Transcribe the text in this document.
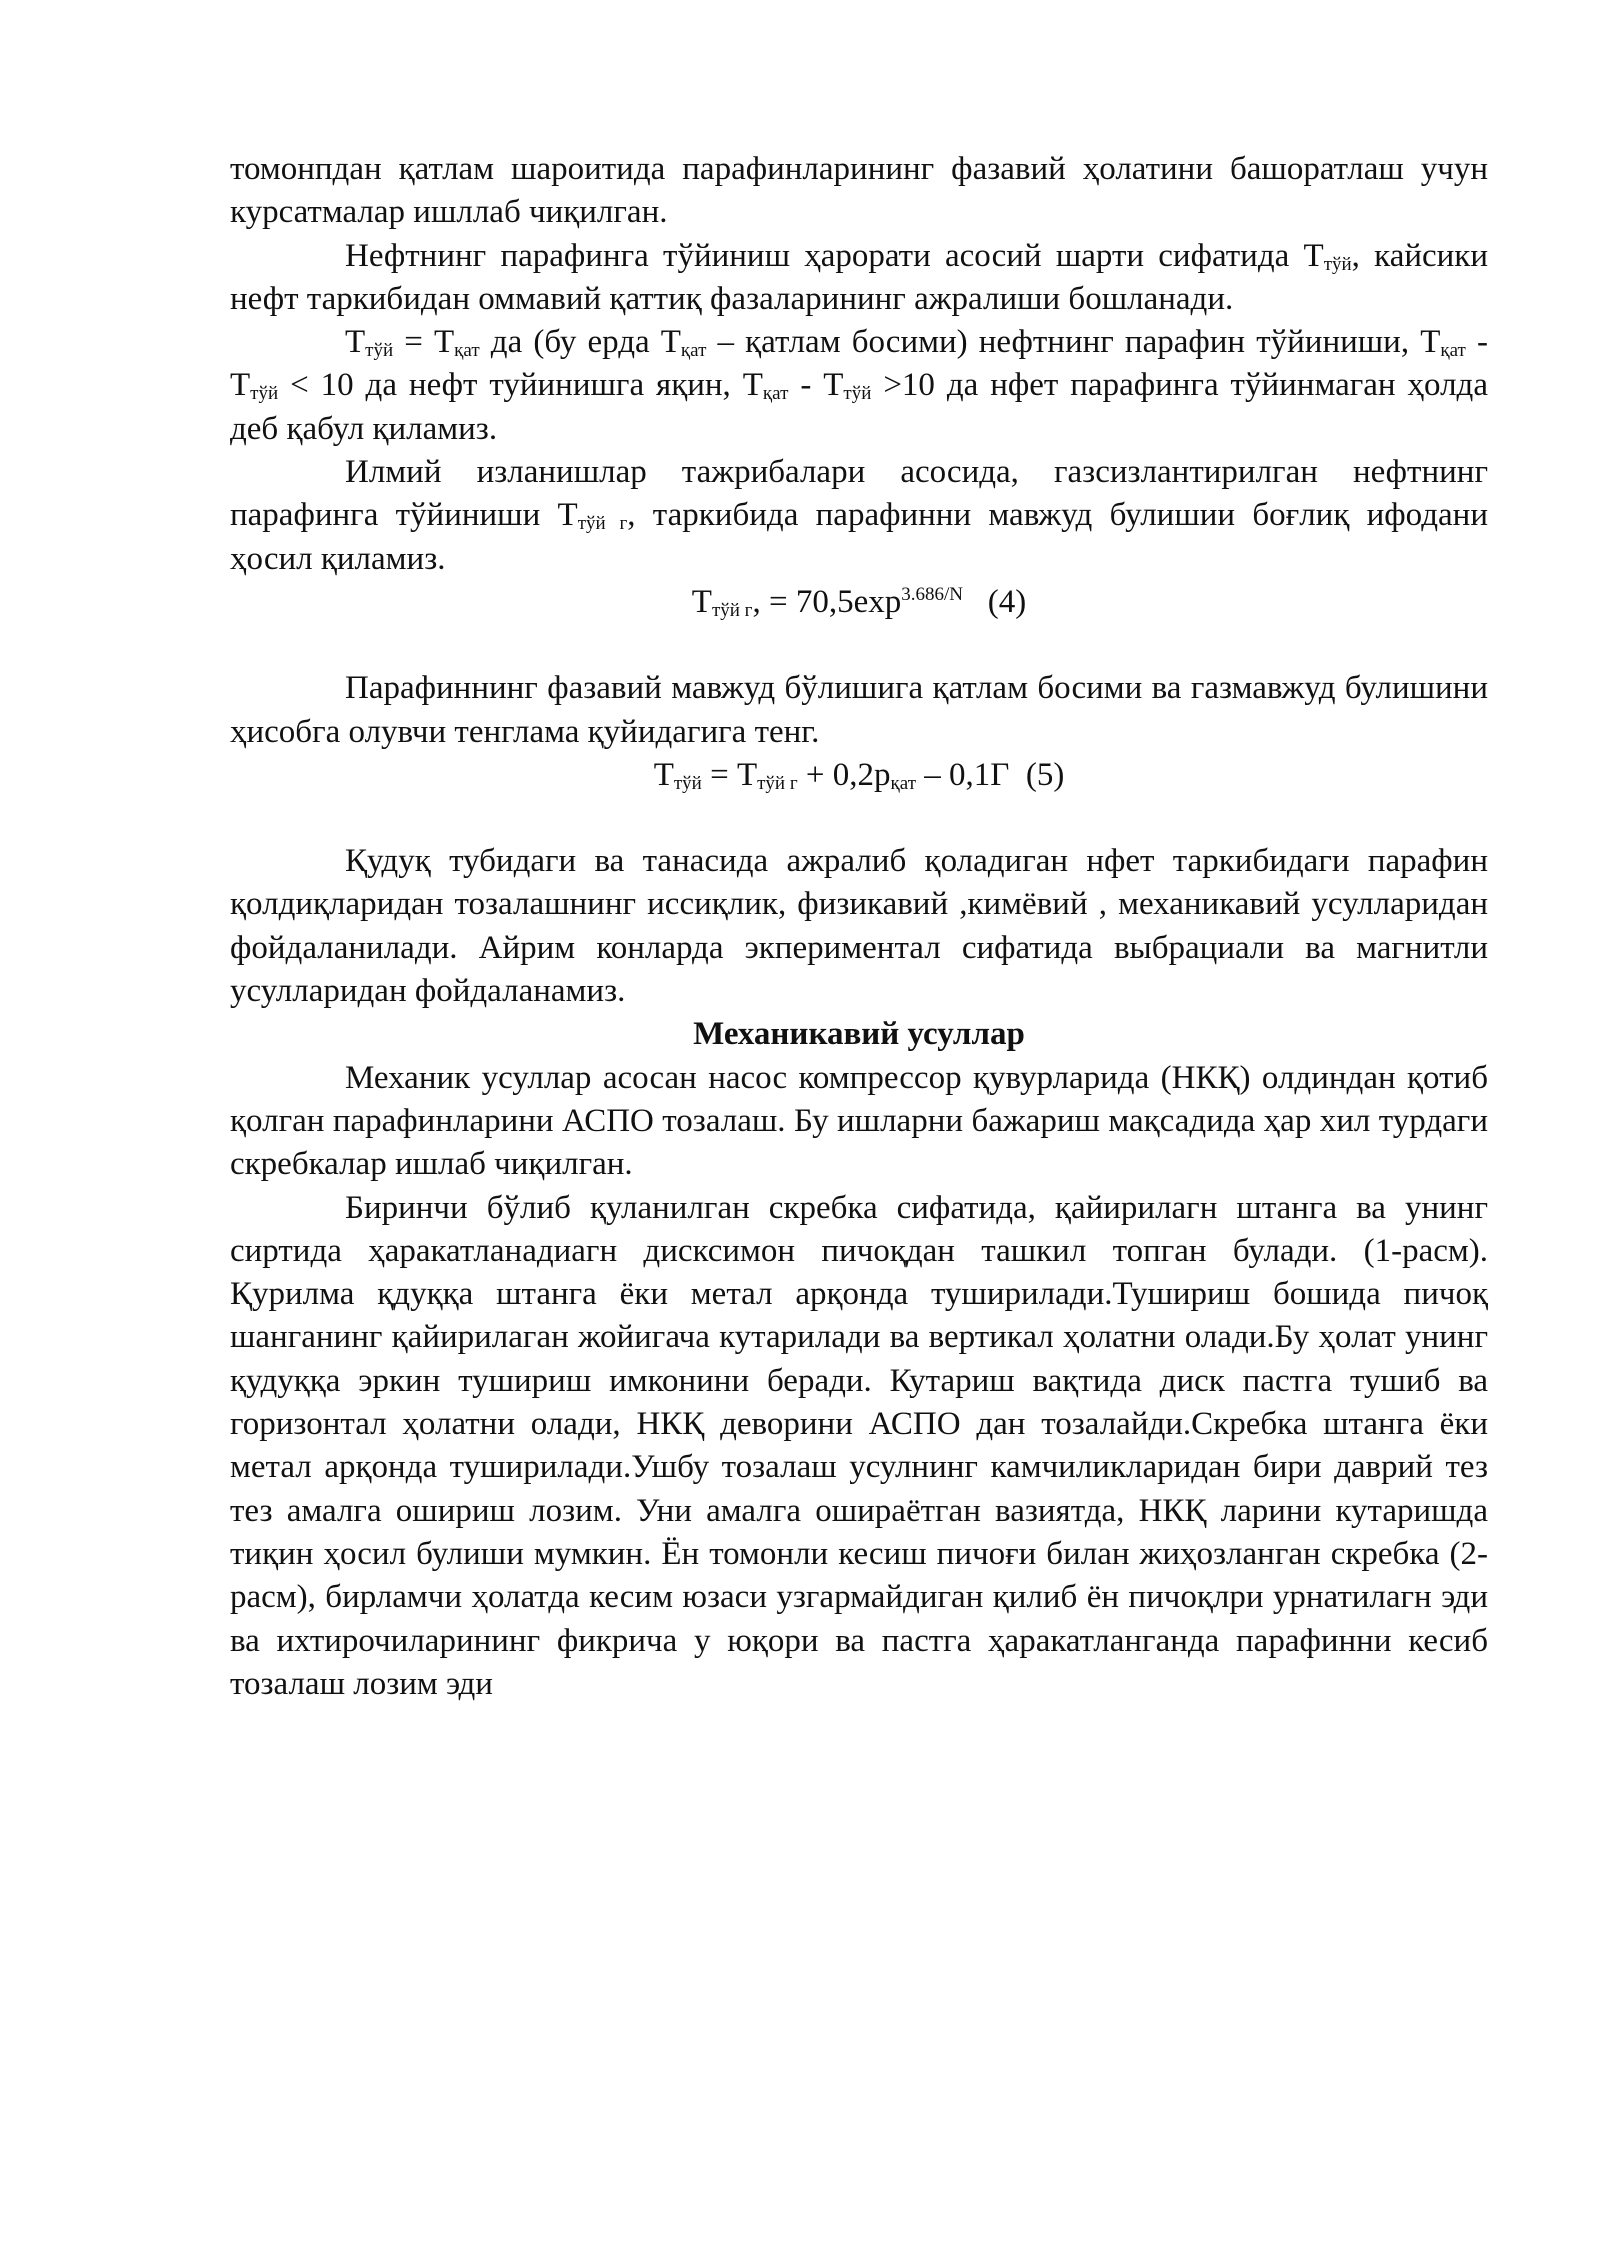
томонпдан қатлам шароитида парафинларининг фазавий ҳолатини башоратлаш учун курсатмалар ишллаб чиқилган.

Нефтнинг парафинга тўйиниш ҳарорати асосий шарти сифатида $T_{тўй}$, кайсики нефт таркибидан оммавий қаттиқ фазаларининг ажралиши бошланади.

$T_{тўй} = T_{қат}$ да (бу ерда $T_{қат}$ – қатлам босими) нефтнинг парафин тўйиниши, $T_{қат} - T_{тўй} < 10$ да нефт туйинишга яқин, $T_{қат} - T_{тўй} >10$ да нфет парафинга тўйинмаган ҳолда деб қабул қиламиз.

Илмий изланишлар тажрибалари асосида, газсизлантирилган нефтнинг парафинга тўйиниши $T_{тўй г}$, таркибида парафинни мавжуд булишии боғлиқ ифодани ҳосил қиламиз.

$T_{тўй г}$, = $70,5\exp^{3.686/N}$   (4)

Парафиннинг фазавий мавжуд бўлишига қатлам босими ва газмавжуд булишини ҳисобга олувчи тенглама қуйидагига тенг.

$T_{тўй} = T_{тўй г} + 0,2p_{қат} - 0,1Г$  (5)

Қудуқ тубидаги ва танасида ажралиб қоладиган нфет таркибидаги парафин қолдиқларидан тозалашнинг иссиқлик, физикавий ,кимёвий , механикавий усулларидан фойдаланилади. Айрим конларда экпериментал сифатида выбрациали ва магнитли усулларидан фойдаланамиз.

Механикавий усуллар

Механик усуллар асосан насос компрессор қувурларида (НКҚ) олдиндан қотиб қолган парафинларини АСПО тозалаш. Бу ишларни бажариш мақсадида ҳар хил турдаги скребкалар ишлаб чиқилган.

Биринчи бўлиб қуланилган скребка сифатида, қайирилагн штанга ва унинг сиртида ҳаракатланадиагн дисксимон пичоқдан ташкил топган булади. (1-расм). Қурилма қдуққа штанга ёки метал арқонда туширилади.Тушириш бошида пичоқ шанганинг қайирилаган жойигача кутарилади ва вертикал ҳолатни олади.Бу ҳолат унинг қудуққа эркин тушириш имконини беради. Кутариш вақтида диск пастга тушиб ва горизонтал ҳолатни олади, НКҚ деворини АСПО дан тозалайди.Скребка штанга ёки метал арқонда туширилади.Ушбу тозалаш усулнинг камчиликларидан бири даврий тез тез амалга ошириш лозим. Уни амалга ошираётган вазиятда, НКҚ ларини кутаришда тиқин ҳосил булиши мумкин. Ён томонли кесиш пичоғи билан жиҳозланган скребка (2-расм), бирламчи ҳолатда кесим юзаси узгармайдиган қилиб ён пичоқлри урнатилагн эди ва ихтирочиларининг фикрича у юқори ва пастга ҳаракатланганда парафинни кесиб тозалаш лозим эди
